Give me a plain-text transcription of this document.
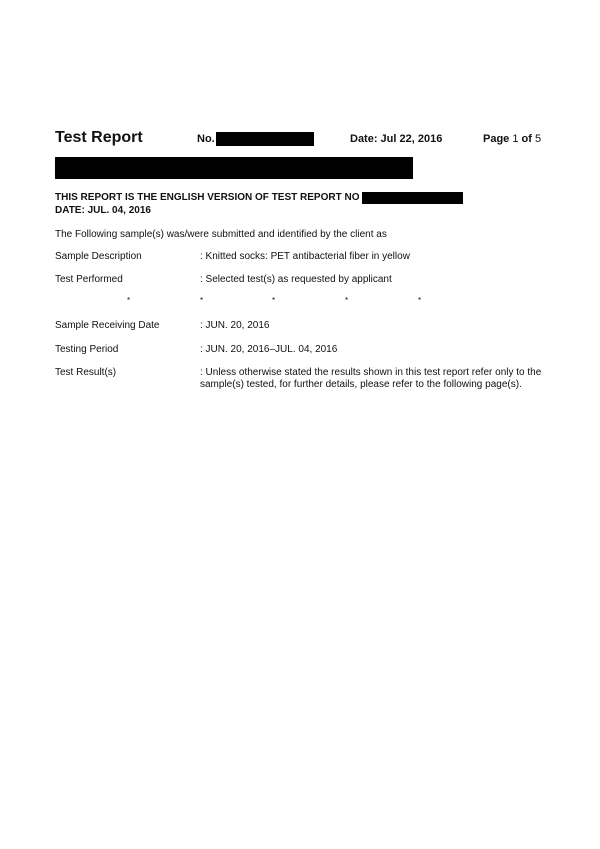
Test Report	No.	Date: Jul 22, 2016	Page 1 of 5
THIS REPORT IS THE ENGLISH VERSION OF TEST REPORT NO
DATE: JUL. 04, 2016
The Following sample(s) was/were submitted and identified by the client as
Sample Description	: Knitted socks: PET antibacterial fiber in yellow
Test Performed	: Selected test(s) as requested by applicant
*	*	*	*	*
Sample Receiving Date	: JUN. 20, 2016
Testing Period	: JUN. 20, 2016–JUL. 04, 2016
Test Result(s)	: Unless otherwise stated the results shown in this test report refer only to the sample(s) tested, for further details, please refer to the following page(s).
